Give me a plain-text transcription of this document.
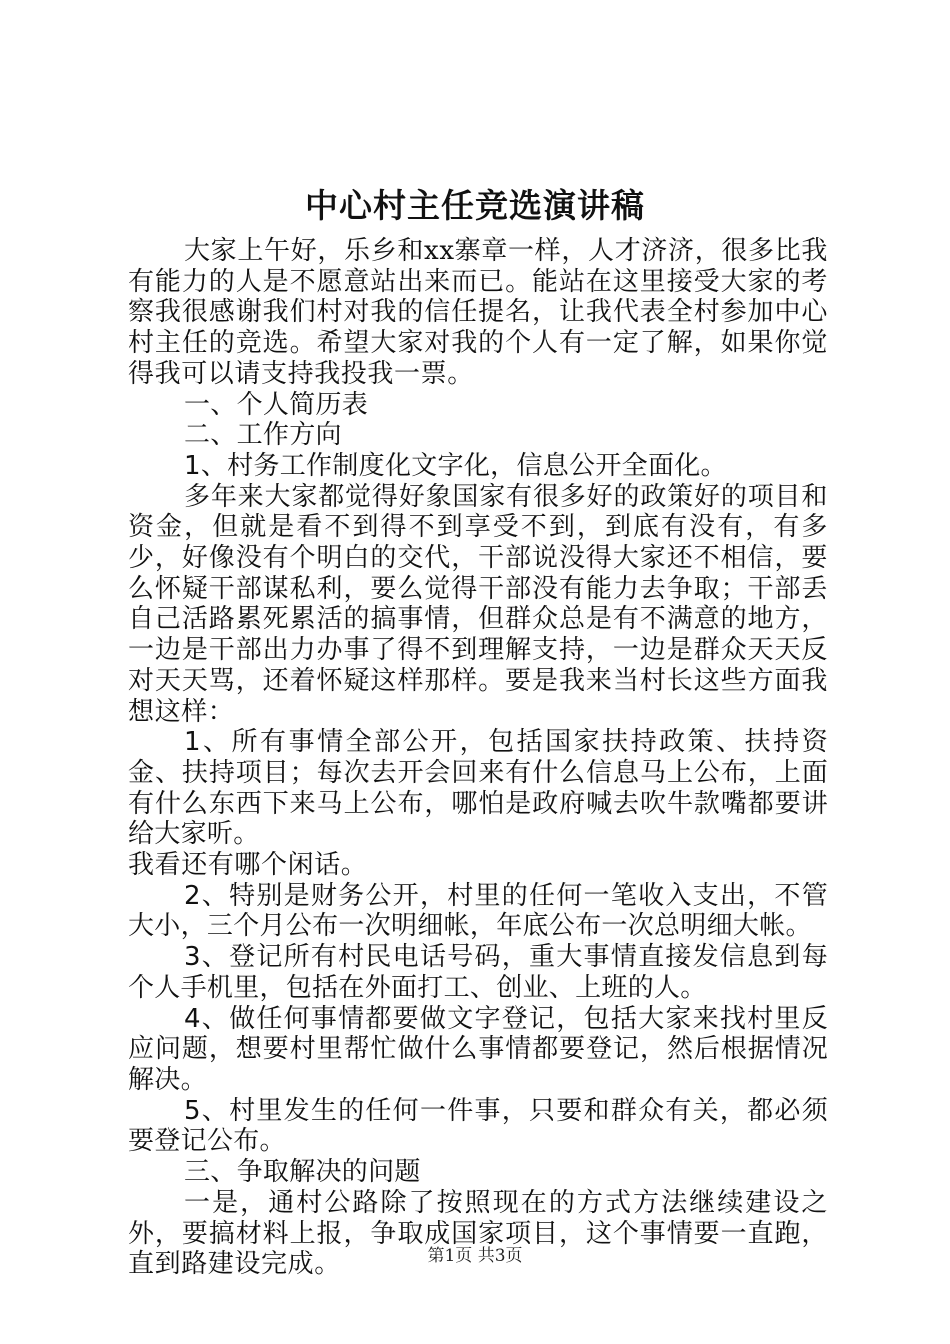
中心村主任竞选演讲稿

大家上午好，乐乡和xx寨章一样，人才济济，很多比我有能力的人是不愿意站出来而已。能站在这里接受大家的考察我很感谢我们村对我的信任提名，让我代表全村参加中心村主任的竞选。希望大家对我的个人有一定了解，如果你觉得我可以请支持我投我一票。

一、个人简历表

二、工作方向

1、村务工作制度化文字化，信息公开全面化。

多年来大家都觉得好象国家有很多好的政策好的项目和资金，但就是看不到得不到享受不到，到底有没有，有多少，好像没有个明白的交代，干部说没得大家还不相信，要么怀疑干部谋私利，要么觉得干部没有能力去争取；干部丢自己活路累死累活的搞事情，但群众总是有不满意的地方，一边是干部出力办事了得不到理解支持，一边是群众天天反对天天骂，还着怀疑这样那样。要是我来当村长这些方面我想这样：

1、所有事情全部公开，包括国家扶持政策、扶持资金、扶持项目；每次去开会回来有什么信息马上公布，上面有什么东西下来马上公布，哪怕是政府喊去吹牛款嘴都要讲给大家听。

我看还有哪个闲话。

2、特别是财务公开，村里的任何一笔收入支出，不管大小，三个月公布一次明细帐，年底公布一次总明细大帐。

3、登记所有村民电话号码，重大事情直接发信息到每个人手机里，包括在外面打工、创业、上班的人。

4、做任何事情都要做文字登记，包括大家来找村里反应问题，想要村里帮忙做什么事情都要登记，然后根据情况解决。

5、村里发生的任何一件事，只要和群众有关，都必须要登记公布。

三、争取解决的问题

一是，通村公路除了按照现在的方式方法继续建设之外，要搞材料上报，争取成国家项目，这个事情要一直跑，直到路建设完成。	第1页 共3页
